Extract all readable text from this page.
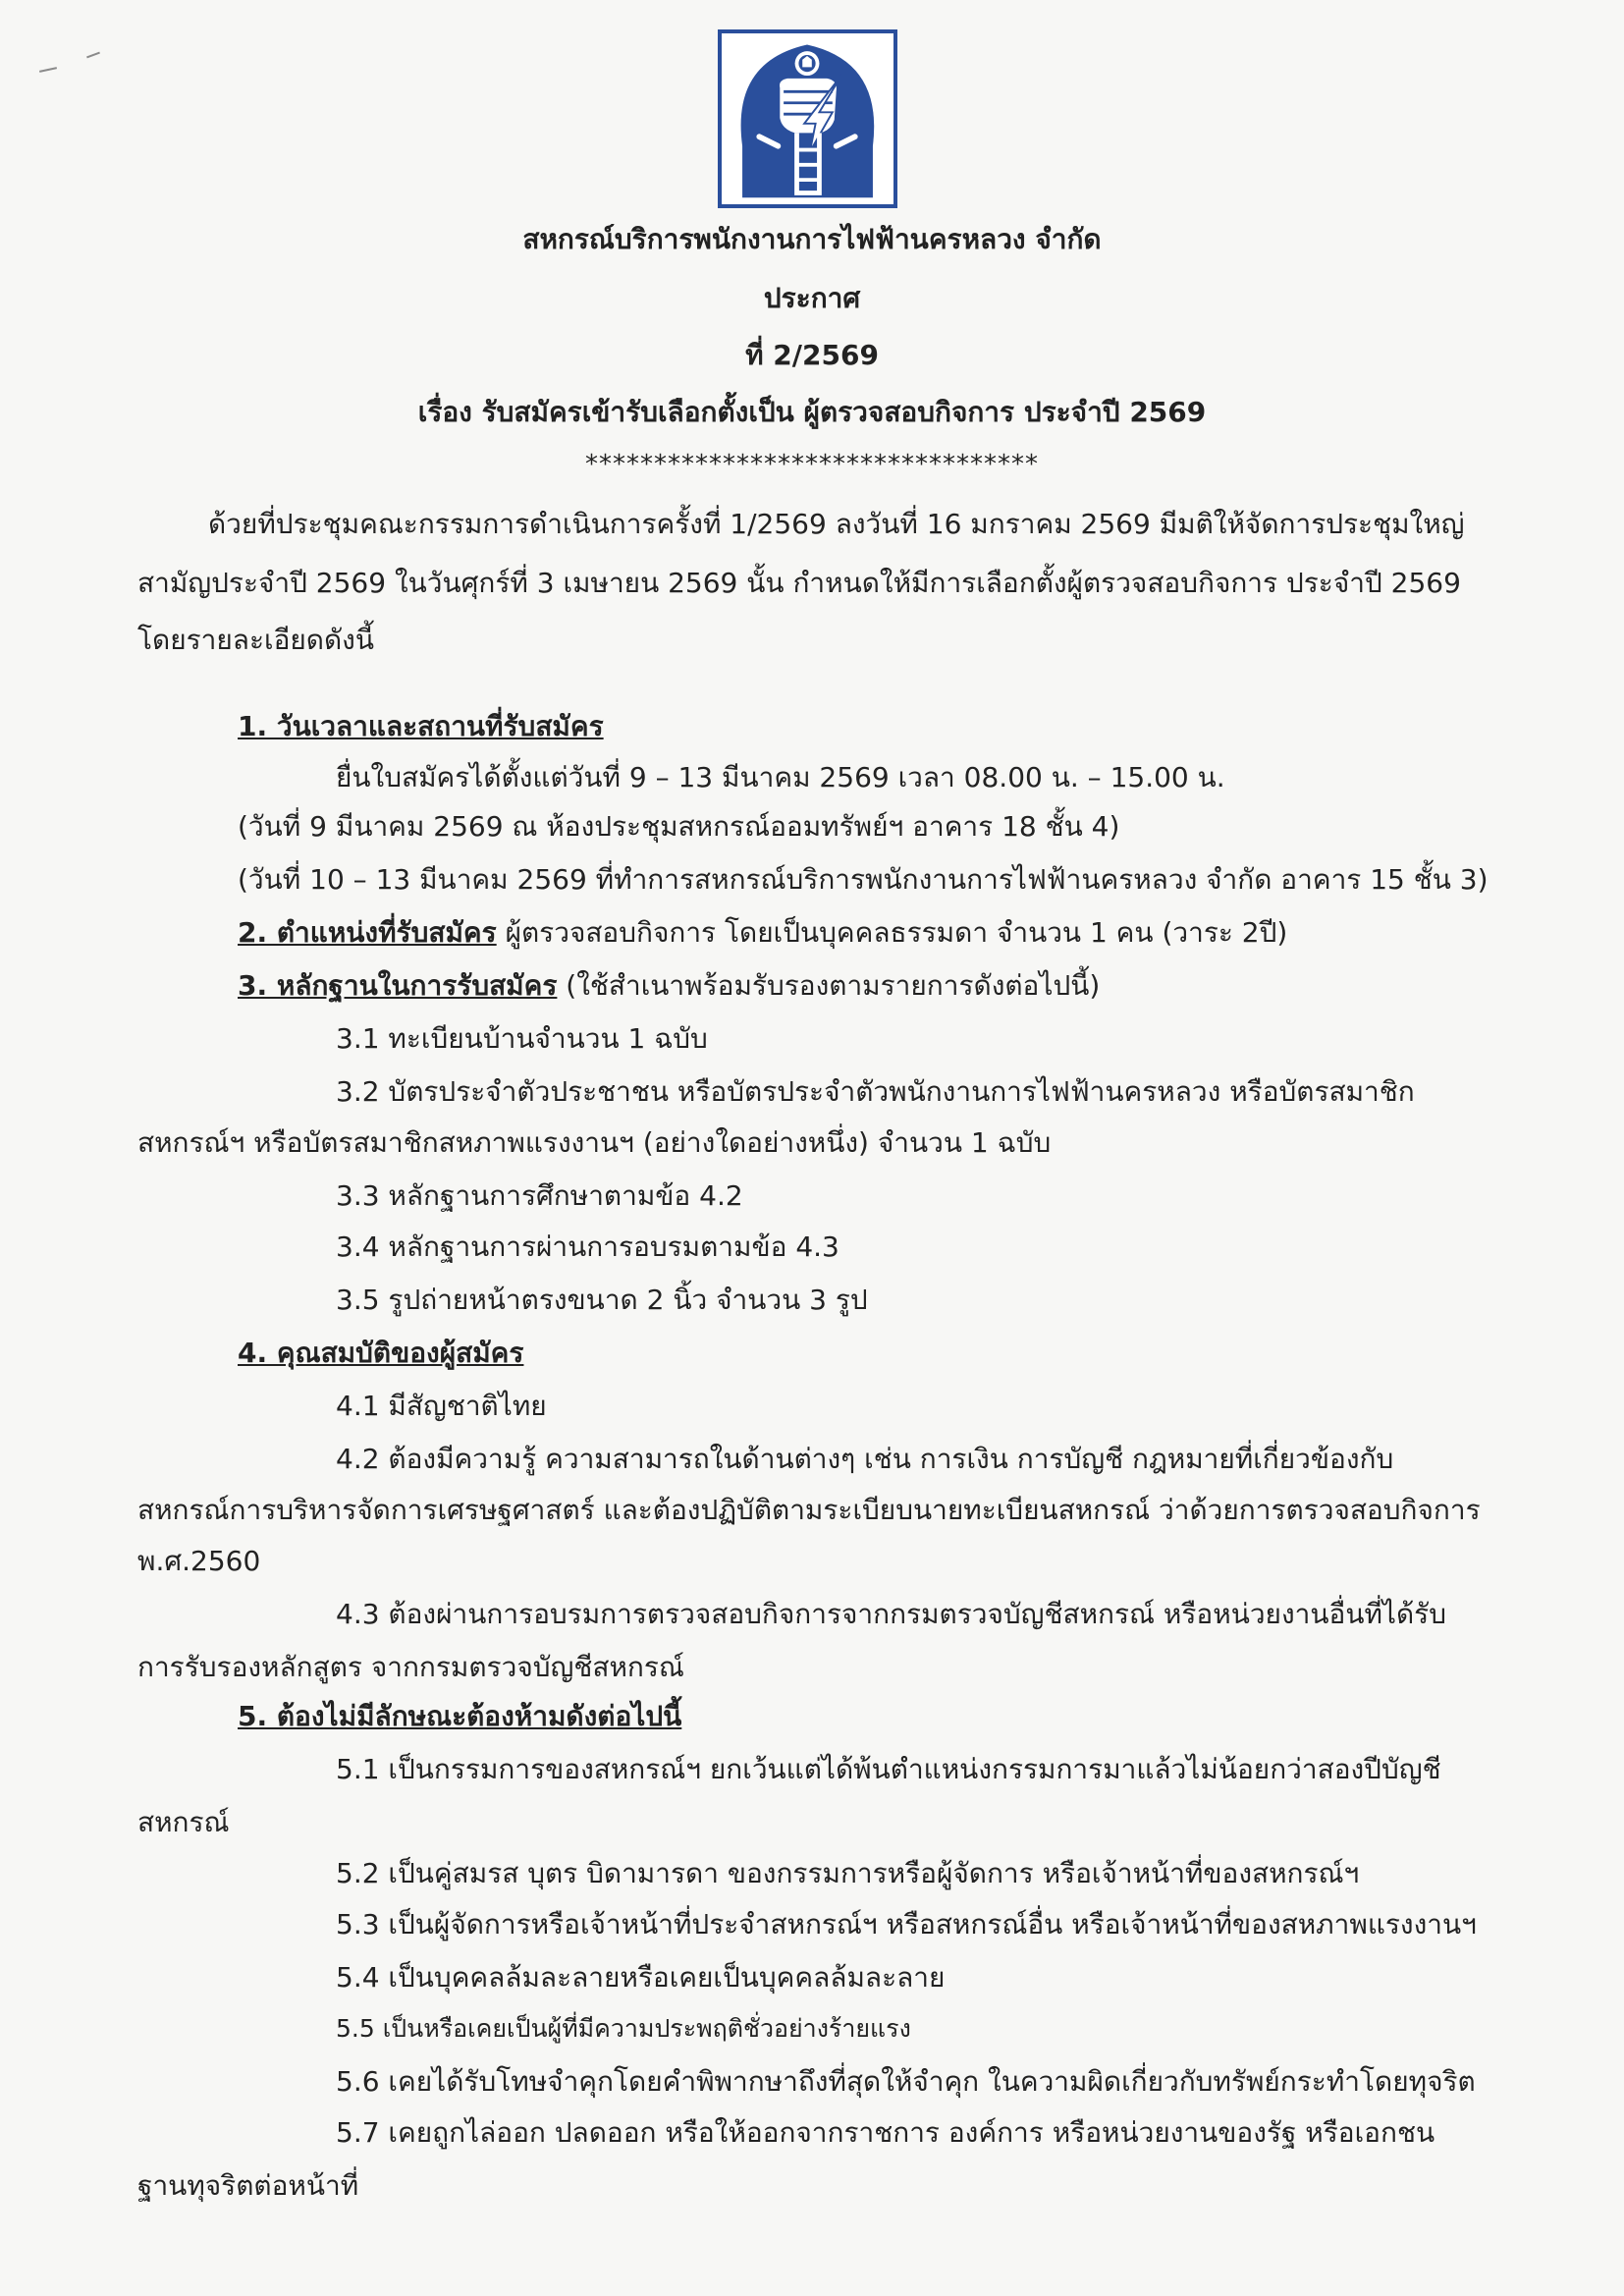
สหกรณ์บริการพนักงานการไฟฟ้านครหลวง จำกัด
ประกาศ
ที่ 2/2569
เรื่อง รับสมัครเข้ารับเลือกตั้งเป็น ผู้ตรวจสอบกิจการ ประจำปี 2569
*********************************
ด้วยที่ประชุมคณะกรรมการดำเนินการครั้งที่ 1/2569 ลงวันที่ 16 มกราคม 2569 มีมติให้จัดการประชุมใหญ่
สามัญประจำปี 2569 ในวันศุกร์ที่ 3 เมษายน 2569 นั้น กำหนดให้มีการเลือกตั้งผู้ตรวจสอบกิจการ ประจำปี 2569
โดยรายละเอียดดังนี้
1. วันเวลาและสถานที่รับสมัคร
ยื่นใบสมัครได้ตั้งแต่วันที่ 9 – 13 มีนาคม 2569 เวลา 08.00 น. – 15.00 น.
(วันที่ 9 มีนาคม 2569 ณ ห้องประชุมสหกรณ์ออมทรัพย์ฯ อาคาร 18 ชั้น 4)
(วันที่ 10 – 13 มีนาคม 2569 ที่ทำการสหกรณ์บริการพนักงานการไฟฟ้านครหลวง จำกัด อาคาร 15 ชั้น 3)
2. ตำแหน่งที่รับสมัคร ผู้ตรวจสอบกิจการ โดยเป็นบุคคลธรรมดา จำนวน 1 คน (วาระ 2ปี)
3. หลักฐานในการรับสมัคร (ใช้สำเนาพร้อมรับรองตามรายการดังต่อไปนี้)
3.1 ทะเบียนบ้านจำนวน 1 ฉบับ
3.2 บัตรประจำตัวประชาชน หรือบัตรประจำตัวพนักงานการไฟฟ้านครหลวง หรือบัตรสมาชิก
สหกรณ์ฯ หรือบัตรสมาชิกสหภาพแรงงานฯ (อย่างใดอย่างหนึ่ง) จำนวน 1 ฉบับ
3.3 หลักฐานการศึกษาตามข้อ 4.2
3.4 หลักฐานการผ่านการอบรมตามข้อ 4.3
3.5 รูปถ่ายหน้าตรงขนาด 2 นิ้ว จำนวน 3 รูป
4. คุณสมบัติของผู้สมัคร
4.1 มีสัญชาติไทย
4.2 ต้องมีความรู้ ความสามารถในด้านต่างๆ เช่น การเงิน การบัญชี กฎหมายที่เกี่ยวข้องกับ
สหกรณ์การบริหารจัดการเศรษฐศาสตร์ และต้องปฏิบัติตามระเบียบนายทะเบียนสหกรณ์ ว่าด้วยการตรวจสอบกิจการ
พ.ศ.2560
4.3 ต้องผ่านการอบรมการตรวจสอบกิจการจากกรมตรวจบัญชีสหกรณ์ หรือหน่วยงานอื่นที่ได้รับ
การรับรองหลักสูตร จากกรมตรวจบัญชีสหกรณ์
5. ต้องไม่มีลักษณะต้องห้ามดังต่อไปนี้
5.1 เป็นกรรมการของสหกรณ์ฯ ยกเว้นแต่ได้พ้นตำแหน่งกรรมการมาแล้วไม่น้อยกว่าสองปีบัญชี
สหกรณ์
5.2 เป็นคู่สมรส บุตร บิดามารดา ของกรรมการหรือผู้จัดการ หรือเจ้าหน้าที่ของสหกรณ์ฯ
5.3 เป็นผู้จัดการหรือเจ้าหน้าที่ประจำสหกรณ์ฯ หรือสหกรณ์อื่น หรือเจ้าหน้าที่ของสหภาพแรงงานฯ
5.4 เป็นบุคคลล้มละลายหรือเคยเป็นบุคคลล้มละลาย
5.5 เป็นหรือเคยเป็นผู้ที่มีความประพฤติชั่วอย่างร้ายแรง
5.6 เคยได้รับโทษจำคุกโดยคำพิพากษาถึงที่สุดให้จำคุก ในความผิดเกี่ยวกับทรัพย์กระทำโดยทุจริต
5.7 เคยถูกไล่ออก ปลดออก หรือให้ออกจากราชการ องค์การ หรือหน่วยงานของรัฐ หรือเอกชน
ฐานทุจริตต่อหน้าที่
